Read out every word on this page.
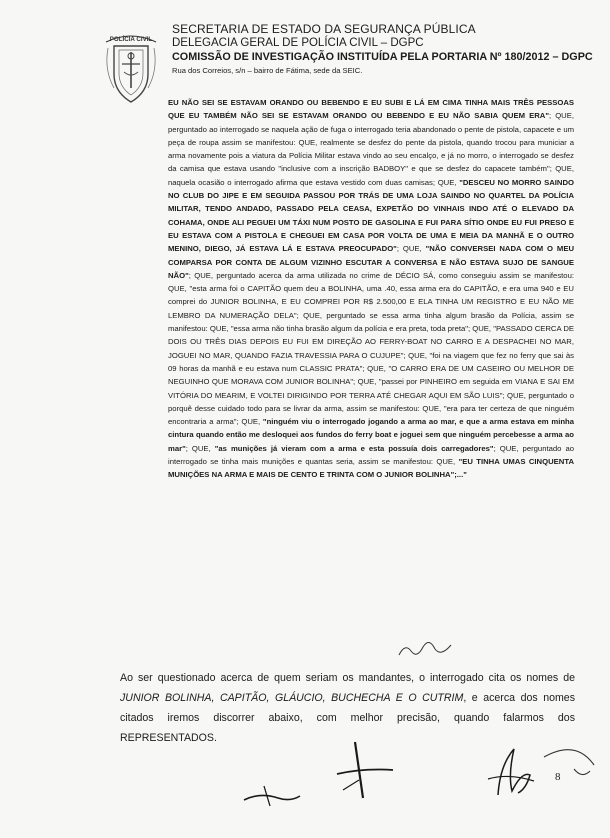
POLÍCIA CIVIL
SECRETARIA DE ESTADO DA SEGURANÇA PÚBLICA
DELEGACIA GERAL DE POLÍCIA CIVIL – DGPC
COMISSÃO DE INVESTIGAÇÃO INSTITUÍDA PELA PORTARIA Nº 180/2012 – DGPC
Rua dos Correios, s/n – bairro de Fátima, sede da SEIC.
EU NÃO SEI SE ESTAVAM ORANDO OU BEBENDO E EU SUBI E LÁ EM CIMA TINHA MAIS TRÊS PESSOAS QUE EU TAMBÉM NÃO SEI SE ESTAVAM ORANDO OU BEBENDO E EU NÃO SABIA QUEM ERA"; QUE, perguntado ao interrogado se naquela ação de fuga o interrogado teria abandonado o pente de pistola, capacete e um peça de roupa assim se manifestou: QUE, realmente se desfez do pente da pistola, quando trocou para municiar a arma novamente pois a viatura da Polícia Militar estava vindo ao seu encalço, e já no morro, o interrogado se desfez da camisa que estava usando "inclusive com a inscrição BADBOY" e que se desfez do capacete também"; QUE, naquela ocasião o interrogado afirma que estava vestido com duas camisas; QUE, "DESCEU NO MORRO SAINDO NO CLUB DO JIPE E EM SEGUIDA PASSOU POR TRÁS DE UMA LOJA SAINDO NO QUARTEL DA POLÍCIA MILITAR, TENDO ANDADO, PASSADO PELA CEASA, EXPETÃO DO VINHAIS INDO ATÉ O ELEVADO DA COHAMA, ONDE ALI PEGUEI UM TÁXI NUM POSTO DE GASOLINA E FUI PARA SÍTIO ONDE EU FUI PRESO E EU ESTAVA COM A PISTOLA E CHEGUEI EM CASA POR VOLTA DE UMA E MEIA DA MANHÃ E O OUTRO MENINO, DIEGO, JÁ ESTAVA LÁ E ESTAVA PREOCUPADO"; QUE, "NÃO CONVERSEI NADA COM O MEU COMPARSA POR CONTA DE ALGUM VIZINHO ESCUTAR A CONVERSA E NÃO ESTAVA SUJO DE SANGUE NÃO"; QUE, perguntado acerca da arma utilizada no crime de DÉCIO SÁ, como conseguiu assim se manifestou: QUE, "esta arma foi o CAPITÃO quem deu a BOLINHA, uma .40, essa arma era do CAPITÃO, e era uma 940 e EU comprei do JUNIOR BOLINHA, E EU COMPREI POR R$ 2.500,00 E ELA TINHA UM REGISTRO E EU NÃO ME LEMBRO DA NUMERAÇÃO DELA"; QUE, perguntado se essa arma tinha algum brasão da Polícia, assim se manifestou: QUE, "essa arma não tinha brasão algum da polícia e era preta, toda preta"; QUE, "PASSADO CERCA DE DOIS OU TRÊS DIAS DEPOIS EU FUI EM DIREÇÃO AO FERRY-BOAT NO CARRO E A DESPACHEI NO MAR, JOGUEI NO MAR, QUANDO FAZIA TRAVESSIA PARA O CUJUPE"; QUE, "foi na viagem que fez no ferry que sai às 09 horas da manhã e eu estava num CLASSIC PRATA"; QUE, "O CARRO ERA DE UM CASEIRO OU MELHOR DE NEGUINHO QUE MORAVA COM JUNIOR BOLINHA"; QUE, "passei por PINHEIRO em seguida em VIANA E SAI EM VITÓRIA DO MEARIM, E VOLTEI DIRIGINDO POR TERRA ATÉ CHEGAR AQUI EM SÃO LUIS"; QUE, perguntado o porquê desse cuidado todo para se livrar da arma, assim se manifestou: QUE, "era para ter certeza de que ninguém encontraria a arma"; QUE, "ninguém viu o interrogado jogando a arma ao mar, e que a arma estava em minha cintura quando então me desloquei aos fundos do ferry boat e joguei sem que ninguém percebesse a arma ao mar"; QUE, "as munições já vieram com a arma e esta possuía dois carregadores"; QUE, perguntado ao interrogado se tinha mais munições e quantas seria, assim se manifestou: QUE, "EU TINHA UMAS CINQUENTA MUNIÇÕES NA ARMA E MAIS DE CENTO E TRINTA COM O JUNIOR BOLINHA";..."
Ao ser questionado acerca de quem seriam os mandantes, o interrogado cita os nomes de JUNIOR BOLINHA, CAPITÃO, GLÁUCIO, BUCHECHA E O CUTRIM, e acerca dos nomes citados iremos discorrer abaixo, com melhor precisão, quando falarmos dos REPRESENTADOS.
8
